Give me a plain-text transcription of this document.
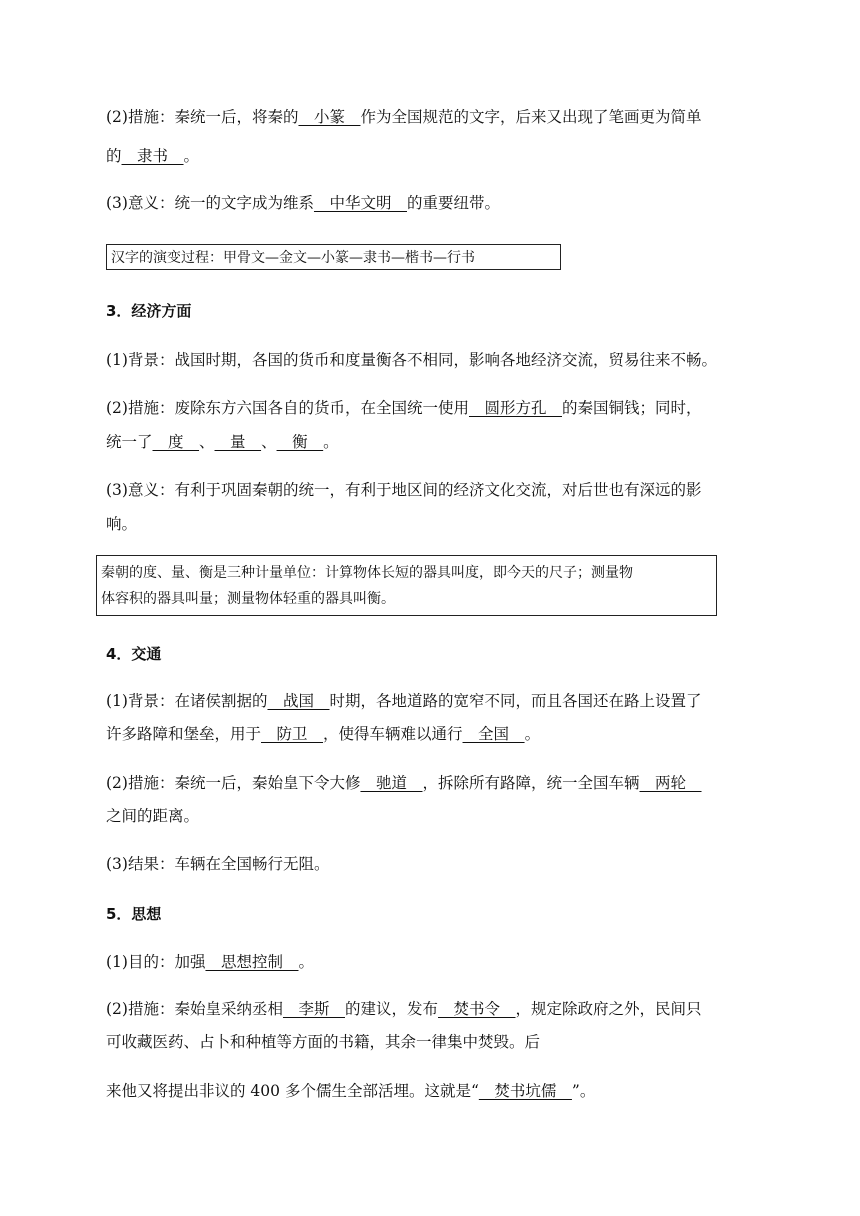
(2)措施：秦统一后，将秦的__小篆__作为全国规范的文字，后来又出现了笔画更为简单

的__隶书__。

(3)意义：统一的文字成为维系__中华文明__的重要纽带。

汉字的演变过程：甲骨文—金文—小篆—隶书—楷书—行书

3．经济方面

(1)背景：战国时期，各国的货币和度量衡各不相同，影响各地经济交流，贸易往来不畅。

(2)措施：废除东方六国各自的货币，在全国统一使用__圆形方孔__的秦国铜钱；同时，

统一了__度__、__量__、__衡__。

(3)意义：有利于巩固秦朝的统一，有利于地区间的经济文化交流，对后世也有深远的影

响。

秦朝的度、量、衡是三种计量单位：计算物体长短的器具叫度，即今天的尺子；测量物
体容积的器具叫量；测量物体轻重的器具叫衡。

4．交通

(1)背景：在诸侯割据的__战国__时期，各地道路的宽窄不同，而且各国还在路上设置了

许多路障和堡垒，用于__防卫__，使得车辆难以通行__全国__。

(2)措施：秦统一后，秦始皇下令大修__驰道__，拆除所有路障，统一全国车辆__两轮__

之间的距离。

(3)结果：车辆在全国畅行无阻。

5．思想

(1)目的：加强__思想控制__。

(2)措施：秦始皇采纳丞相__李斯__的建议，发布__焚书令__，规定除政府之外，民间只

可收藏医药、占卜和种植等方面的书籍，其余一律集中焚毁。后

来他又将提出非议的 400 多个儒生全部活埋。这就是“__焚书坑儒__”。
